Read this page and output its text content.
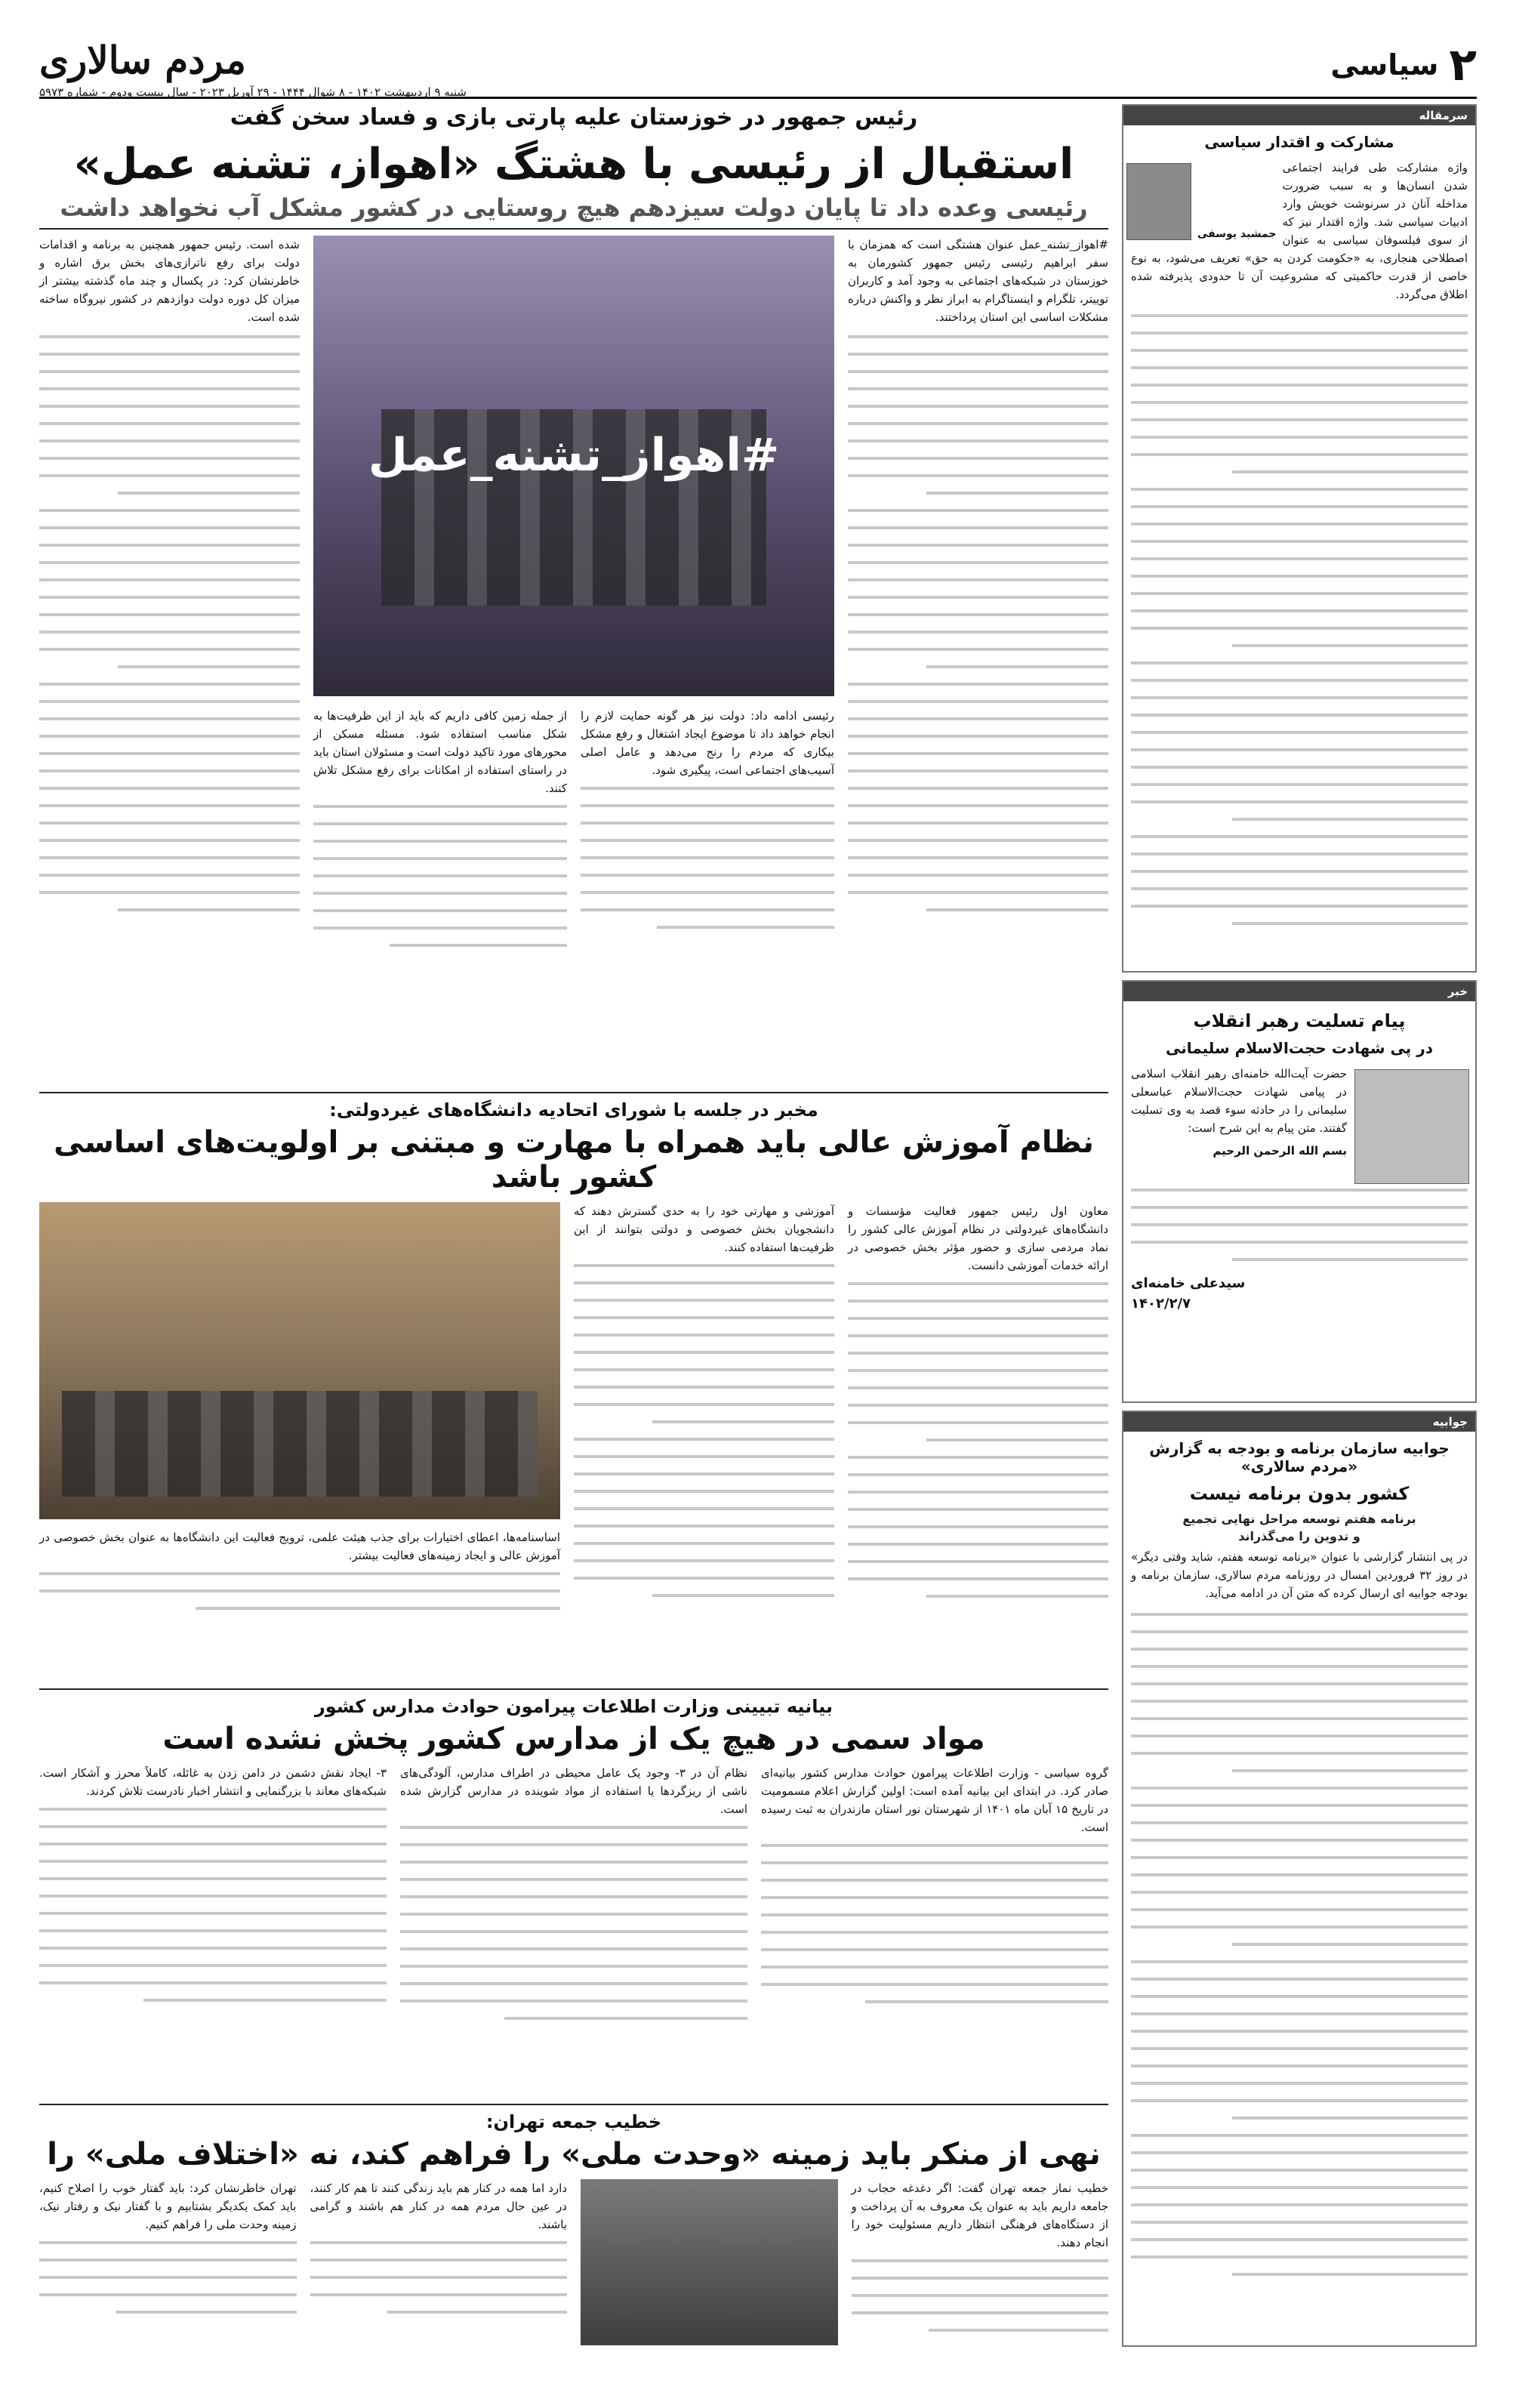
۲
سیاسی
مردم سالاری
شنبه ۹ اردیبهشت ۱۴۰۲ - ۸ شوال ۱۴۴۴ - ۲۹ آوریل ۲۰۲۳ - سال بیست ودوم - شماره ۵۹۷۳
سرمقاله
مشارکت و اقتدار سیاسی
جمشید یوسفی

واژه مشارکت طی فرایند اجتماعی شدن انسان‌ها و به سبب ضرورت مداخله آنان در سرنوشت خویش وارد ادبیات سیاسی شد. واژه اقتدار نیز که از سوی فیلسوفان سیاسی به عنوان اصطلاحی هنجاری، به «حکومت کردن به حق» تعریف می‌شود، به نوع خاصی از قدرت حاکمیتی که مشروعیت آن تا حدودی پذیرفته شده اطلاق می‌گردد.

خبر
پیام تسلیت رهبر انقلاب
در پی شهادت حجت‌الاسلام سلیمانی

حضرت آیت‌الله خامنه‌ای رهبر انقلاب اسلامی در پیامی شهادت حجت‌الاسلام عباسعلی سلیمانی را در حادثه سوء قصد به وی تسلیت گفتند. متن پیام به این شرح است:

بسم الله الرحمن الرحیم

سیدعلی خامنه‌ای
۱۴۰۲/۲/۷
جوابیه
جوابیه سازمان برنامه و بودجه به گزارش «مردم سالاری»
کشور بدون برنامه نیست
برنامه هفتم توسعه مراحل نهایی تجمیع
و تدوین را می‌گذراند

در پی انتشار گزارشی با عنوان «برنامه توسعه هفتم، شاید وقتی دیگر» در روز ۳۲ فروردین امسال در روزنامه مردم سالاری، سازمان برنامه و بودجه جوابیه ای ارسال کرده که متن آن در ادامه می‌آید.

رئیس جمهور در خوزستان علیه پارتی بازی و فساد سخن گفت
استقبال از رئیسی با هشتگ «اهواز، تشنه عمل»
رئیسی وعده داد تا پایان دولت سیزدهم هیچ روستایی در کشور مشکل آب نخواهد داشت

#اهواز_تشنه_عمل عنوان هشتگی است که همزمان با سفر ابراهیم رئیسی رئیس جمهور کشورمان به خوزستان در شبکه‌های اجتماعی به وجود آمد و کاربران توییتر، تلگرام و اینستاگرام به ابراز نظر و واکنش درباره مشکلات اساسی این استان پرداختند.

#اهواز_تشنه_عمل

رئیسی ادامه داد: دولت نیز هر گونه حمایت لازم را انجام خواهد داد تا موضوع ایجاد اشتغال و رفع مشکل بیکاری که مردم را رنج می‌دهد و عامل اصلی آسیب‌های اجتماعی است، پیگیری شود.

از جمله زمین کافی داریم که باید از این ظرفیت‌ها به شکل مناسب استفاده شود. مسئله مسکن از محورهای مورد تاکید دولت است و مسئولان استان باید در راستای استفاده از امکانات برای رفع مشکل تلاش کنند.

شده است. رئیس جمهور همچنین به برنامه و اقدامات دولت برای رفع ناترازی‌های بخش برق اشاره و خاطرنشان کرد: در پکسال و چند ماه گذشته بیشتر از میزان کل دوره دولت دوازدهم در کشور نیروگاه ساخته شده است.

مخبر در جلسه با شورای اتحادیه دانشگاه‌های غیردولتی:
نظام آموزش عالی باید همراه با مهارت و مبتنی بر اولویت‌های اساسی کشور باشد

معاون اول رئیس جمهور فعالیت مؤسسات و دانشگاه‌های غیردولتی در نظام آموزش عالی کشور را نماد مردمی سازی و حضور مؤثر بخش خصوصی در ارائه خدمات آموزشی دانست.

آموزشی و مهارتی خود را به حدی گسترش دهند که دانشجویان بخش خصوصی و دولتی بتوانند از این ظرفیت‌ها استفاده کنند.

اساسنامه‌ها، اعطای اختیارات برای جذب هیئت علمی، ترویج فعالیت این دانشگاه‌ها به عنوان بخش خصوصی در آموزش عالی و ایجاد زمینه‌های فعالیت بیشتر.

بیانیه تبیینی وزارت اطلاعات پیرامون حوادث مدارس کشور
مواد سمی در هیچ یک از مدارس کشور پخش نشده است

گروه سیاسی - وزارت اطلاعات پیرامون حوادث مدارس کشور بیانیه‌ای صادر کرد. در ابتدای این بیانیه آمده است: اولین گزارش اعلام مسمومیت در تاریخ ۱۵ آبان ماه ۱۴۰۱ از شهرستان نور استان مازندران به ثبت رسیده است.

نظام آن در ۳- وجود یک عامل محیطی در اطراف مدارس، آلودگی‌های ناشی از ریزگردها یا استفاده از مواد شوینده در مدارس گزارش شده است.

۳- ایجاد نقش دشمن در دامن زدن به غائله، کاملاً محرز و آشکار است. شبکه‌های معاند با بزرگنمایی و انتشار اخبار نادرست تلاش کردند.

خطیب جمعه تهران:
نهی از منکر باید زمینه «وحدت ملی» را فراهم کند، نه «اختلاف ملی» را

خطیب نماز جمعه تهران گفت: اگر دغدغه حجاب در جامعه داریم باید به عنوان یک معروف به آن پرداخت و از دستگاه‌های فرهنگی انتظار داریم مسئولیت خود را انجام دهند.

دارد اما همه در کنار هم باید زندگی کنند تا هم کار کنند، در عین حال مردم همه در کنار هم باشند و گرامی باشند.

تهران خاطرنشان کرد: باید گفتار خوب را اصلاح کنیم، باید کمک یکدیگر بشتابیم و با گفتار نیک و رفتار نیک، زمینه وحدت ملی را فراهم کنیم.
